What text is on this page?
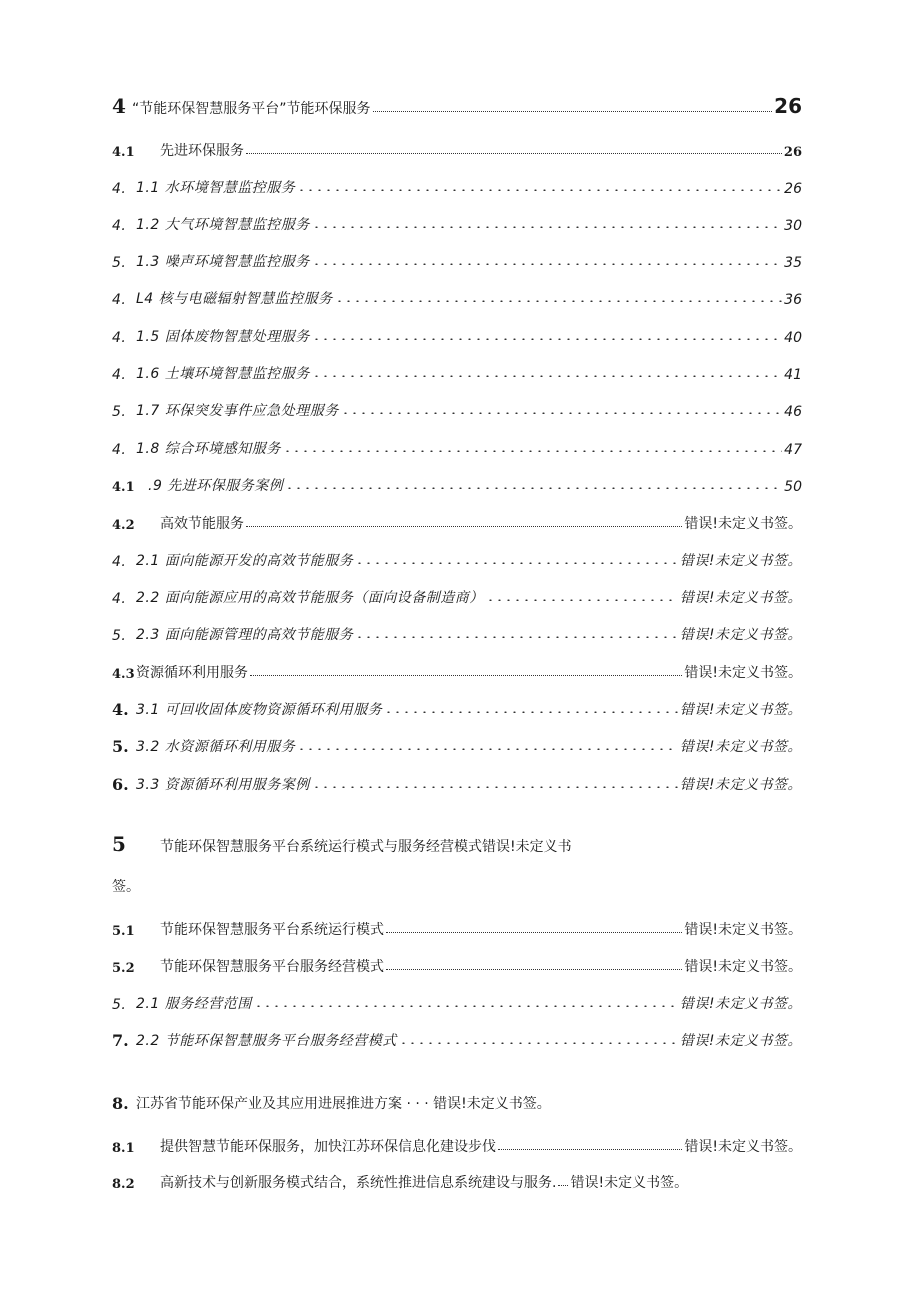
4 “节能环保智慧服务平台”节能环保服务	26
4.1	先进环保服务	26
4. 1.1 水环境智慧监控服务	26
4. 1.2 大气环境智慧监控服务	30
5. 1.3 噪声环境智慧监控服务	35
4. L4 核与电磁辐射智慧监控服务	36
4. 1.5 固体废物智慧处理服务	40
4. 1.6 土壤环境智慧监控服务	41
5. 1.7 环保突发事件应急处理服务	46
4. 1.8 综合环境感知服务	47
4.1 .9 先进环保服务案例	50
4.2	高效节能服务	错误!未定义书签。
4. 2.1 面向能源开发的高效节能服务	错误!未定义书签。
4. 2.2 面向能源应用的高效节能服务（面向设备制造商）	错误!未定义书签。
5. 2.3 面向能源管理的高效节能服务	错误!未定义书签。
4.3 资源循环利用服务	错误!未定义书签。
4. 3.1 可回收固体废物资源循环利用服务	错误!未定义书签。
5. 3.2 水资源循环利用服务	错误!未定义书签。
6. 3.3 资源循环利用服务案例	错误!未定义书签。
5	节能环保智慧服务平台系统运行模式与服务经营模式错误!未定义书
签。
5.1	节能环保智慧服务平台系统运行模式	错误!未定义书签。
5.2	节能环保智慧服务平台服务经营模式	错误!未定义书签。
5. 2.1 服务经营范围	错误!未定义书签。
7. 2.2 节能环保智慧服务平台服务经营模式	错误!未定义书签。
8. 江苏省节能环保产业及其应用进展推进方案 · · · 错误!未定义书签。
8.1	提供智慧节能环保服务，加快江苏环保信息化建设步伐	错误!未定义书签。
8.2	高新技术与创新服务模式结合，系统性推进信息系统建设与服务. 错误!未定义书签。
